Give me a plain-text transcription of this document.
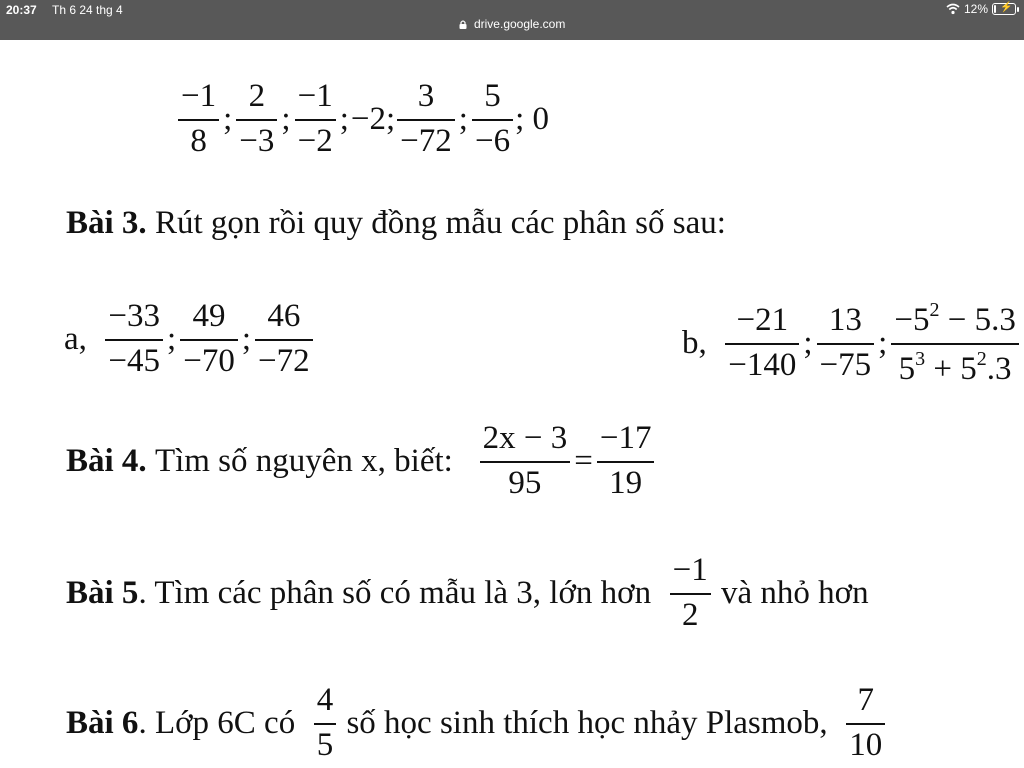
20:37 Th 6 24 thg 4	12% ⚡
drive.google.com
$\frac{-1}{8}$ ; $\frac{2}{-3}$ ; $\frac{-1}{-2}$ ; −2; $\frac{3}{-72}$ ; $\frac{5}{-6}$ ; 0
Bài 3.
Rút gọn rồi quy đồng mẫu các phân số sau:
a,
$\frac{-33}{-45}$ ; $\frac{49}{-70}$ ; $\frac{46}{-72}$	b,
$\frac{-21}{-140}$ ; $\frac{13}{-75}$ ; $\frac{-5^2 - 5.3}{5^3 + 5^2.3}$
Bài 4.
Tìm số nguyên x, biết:
$\frac{2x - 3}{95} = \frac{-17}{19}$
Bài 5 . Tìm các phân số có mẫu là 3, lớn hơn
$\frac{-1}{2}$
và nhỏ hơn
Bài 6 . Lớp 6C có
$\frac{4}{5}$
số học sinh thích học nhảy Plasmob,
$\frac{7}{10}$
